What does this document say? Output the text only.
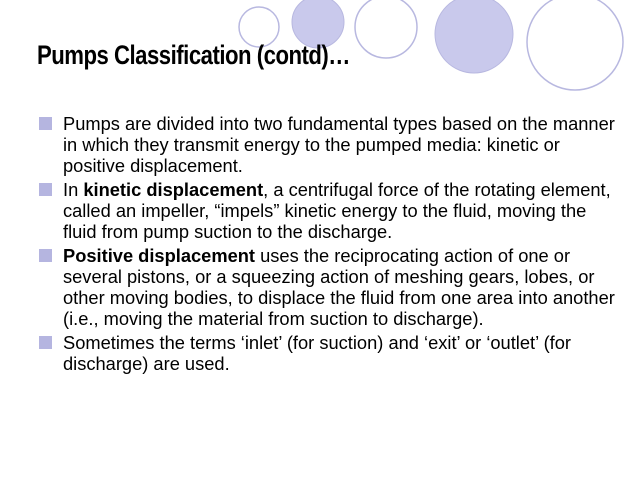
Pumps Classification (contd)…
Pumps are divided into two fundamental types based on the manner in which they transmit energy to the pumped media: kinetic or positive displacement.
In kinetic displacement, a centrifugal force of the rotating element, called an impeller, “impels” kinetic energy to the fluid, moving the fluid from pump suction to the discharge.
Positive displacement uses the reciprocating action of one or several pistons, or a squeezing action of meshing gears, lobes, or other moving bodies, to displace the fluid from one area into another (i.e., moving the material from suction to discharge).
Sometimes the terms ‘inlet’ (for suction) and ‘exit’ or ‘outlet’ (for discharge) are used.
